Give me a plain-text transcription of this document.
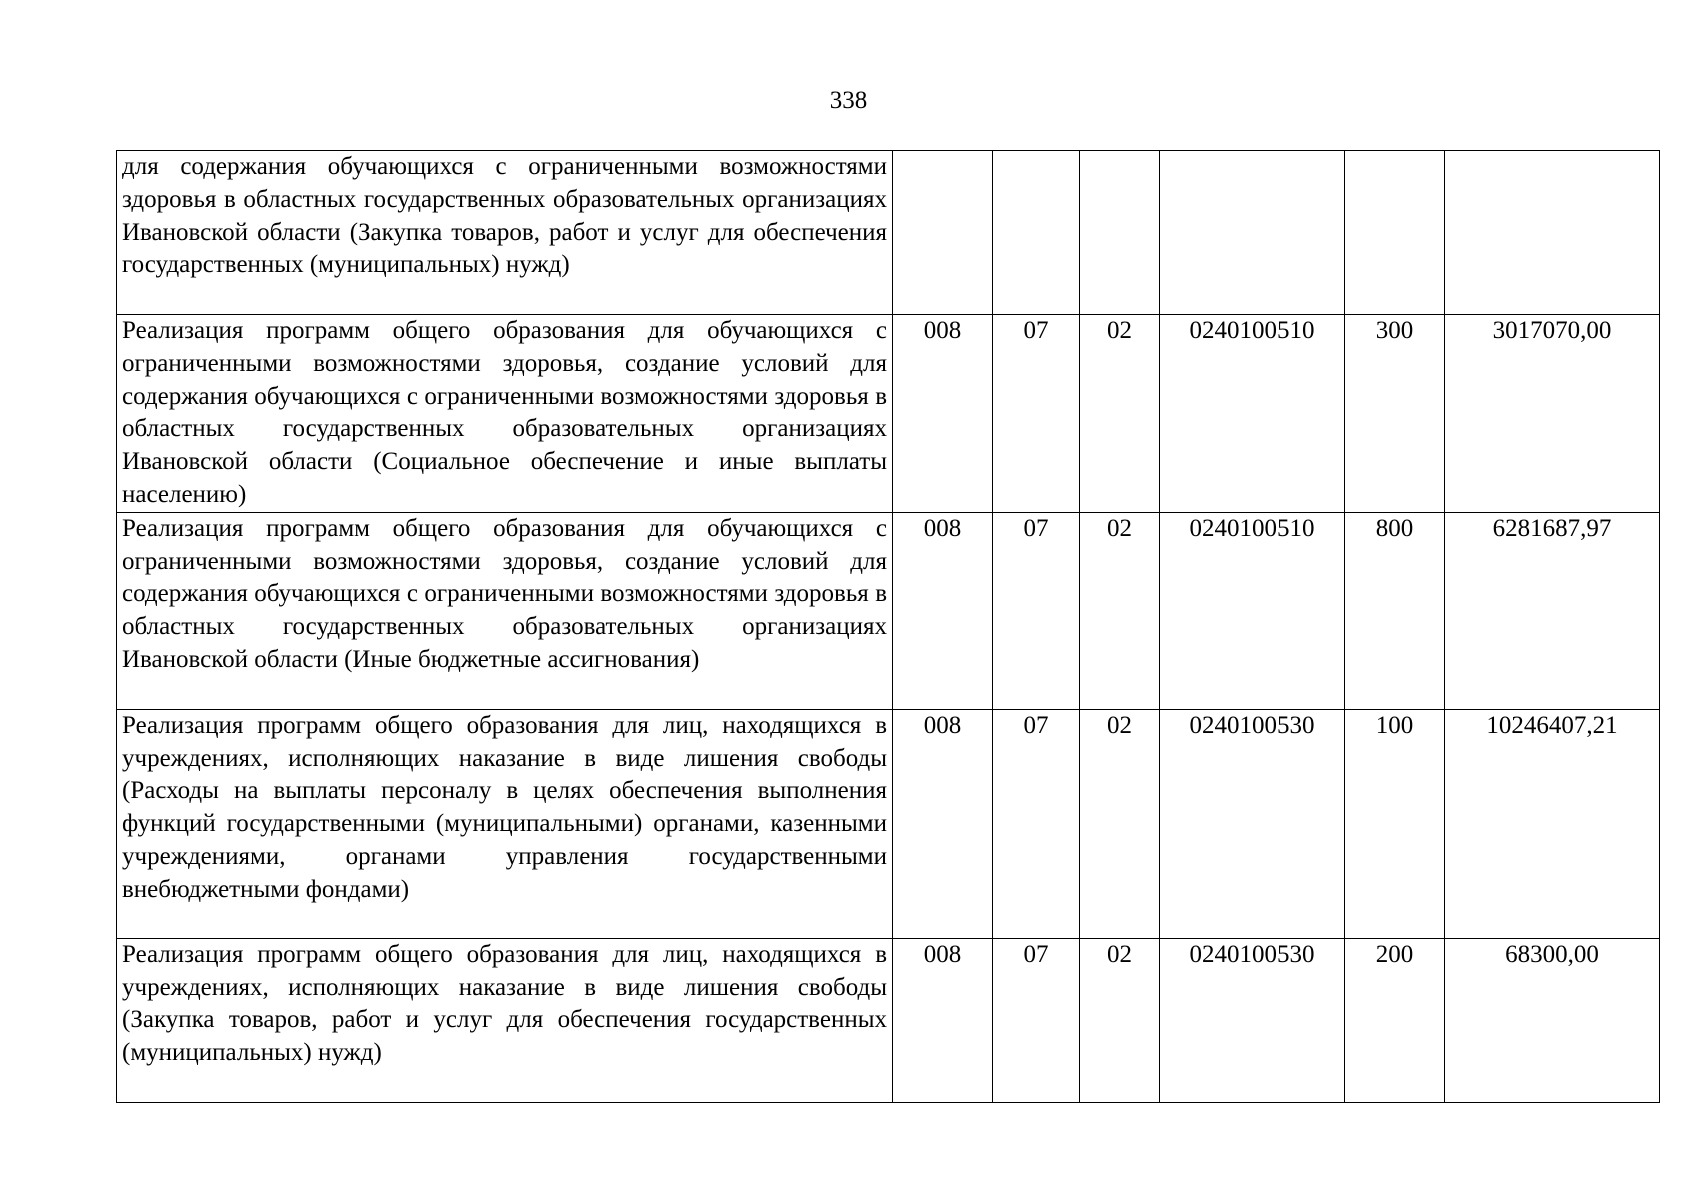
338
для содержания обучающихся с ограниченными возможностями здоровья в областных государственных образовательных организациях Ивановской области (Закупка товаров, работ и услуг для обеспечения государственных (муниципальных) нужд)						
Реализация программ общего образования для обучающихся с ограниченными возможностями здоровья, создание условий для содержания обучающихся с ограниченными возможностями здоровья в областных государственных образовательных организациях Ивановской области (Социальное обеспечение и иные выплаты населению)	008	07	02	0240100510	300	3017070,00
Реализация программ общего образования для обучающихся с ограниченными возможностями здоровья, создание условий для содержания обучающихся с ограниченными возможностями здоровья в областных государственных образовательных организациях Ивановской области (Иные бюджетные ассигнования)	008	07	02	0240100510	800	6281687,97
Реализация программ общего образования для лиц, находящихся в учреждениях, исполняющих наказание в виде лишения свободы (Расходы на выплаты персоналу в целях обеспечения выполнения функций государственными (муниципальными) органами, казенными учреждениями, органами управления государственными внебюджетными фондами)	008	07	02	0240100530	100	10246407,21
Реализация программ общего образования для лиц, находящихся в учреждениях, исполняющих наказание в виде лишения свободы (Закупка товаров, работ и услуг для обеспечения государственных (муниципальных) нужд)	008	07	02	0240100530	200	68300,00
